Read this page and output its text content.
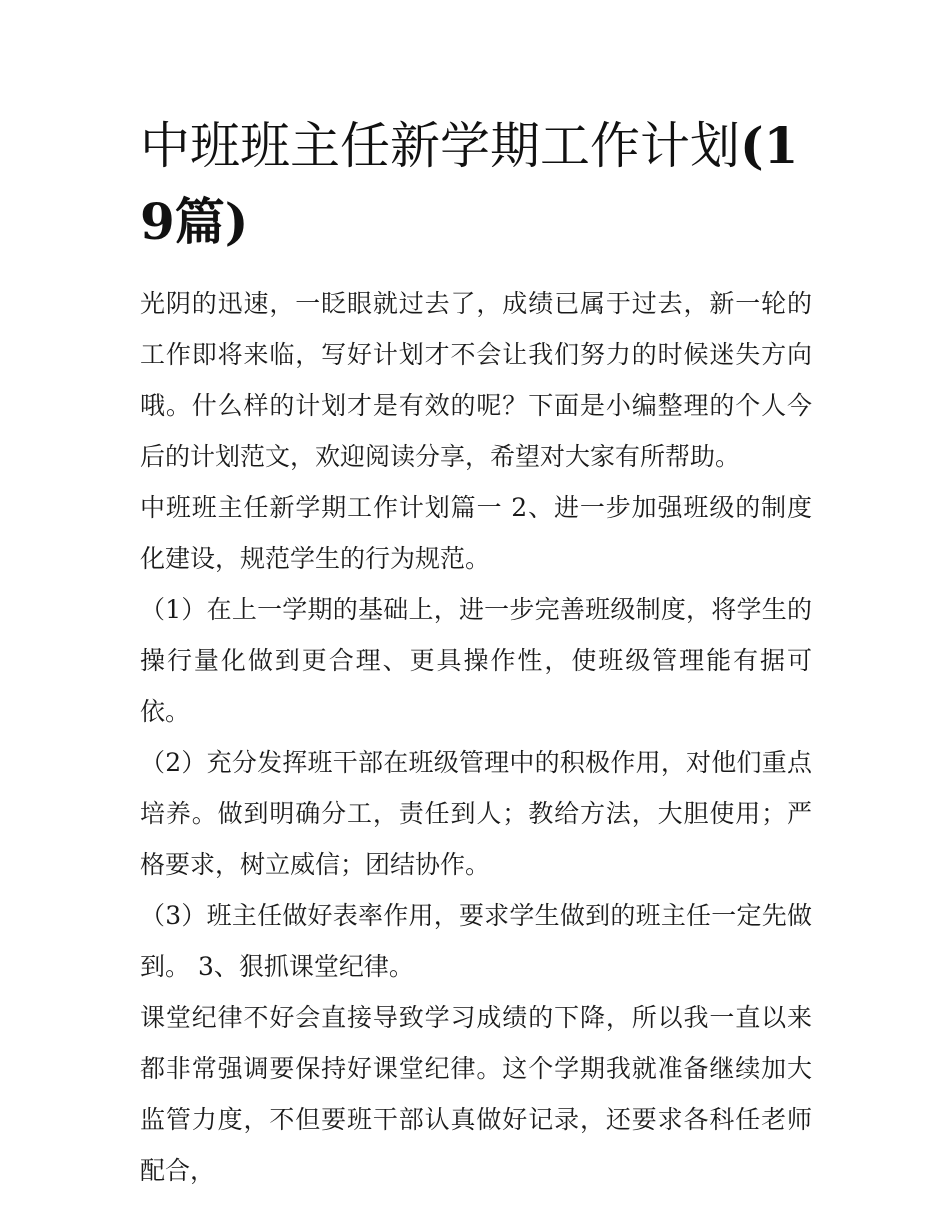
中班班主任新学期工作计划(19篇)

光阴的迅速，一眨眼就过去了，成绩已属于过去，新一轮的工作即将来临，写好计划才不会让我们努力的时候迷失方向哦。什么样的计划才是有效的呢？下面是小编整理的个人今后的计划范文，欢迎阅读分享，希望对大家有所帮助。

中班班主任新学期工作计划篇一 2、进一步加强班级的制度化建设，规范学生的行为规范。

（1）在上一学期的基础上，进一步完善班级制度，将学生的操行量化做到更合理、更具操作性，使班级管理能有据可依。

（2）充分发挥班干部在班级管理中的积极作用，对他们重点培养。做到明确分工，责任到人；教给方法，大胆使用；严格要求，树立威信；团结协作。

（3）班主任做好表率作用，要求学生做到的班主任一定先做到。 3、狠抓课堂纪律。

课堂纪律不好会直接导致学习成绩的下降，所以我一直以来都非常强调要保持好课堂纪律。这个学期我就准备继续加大监管力度，不但要班干部认真做好记录，还要求各科任老师配合，
